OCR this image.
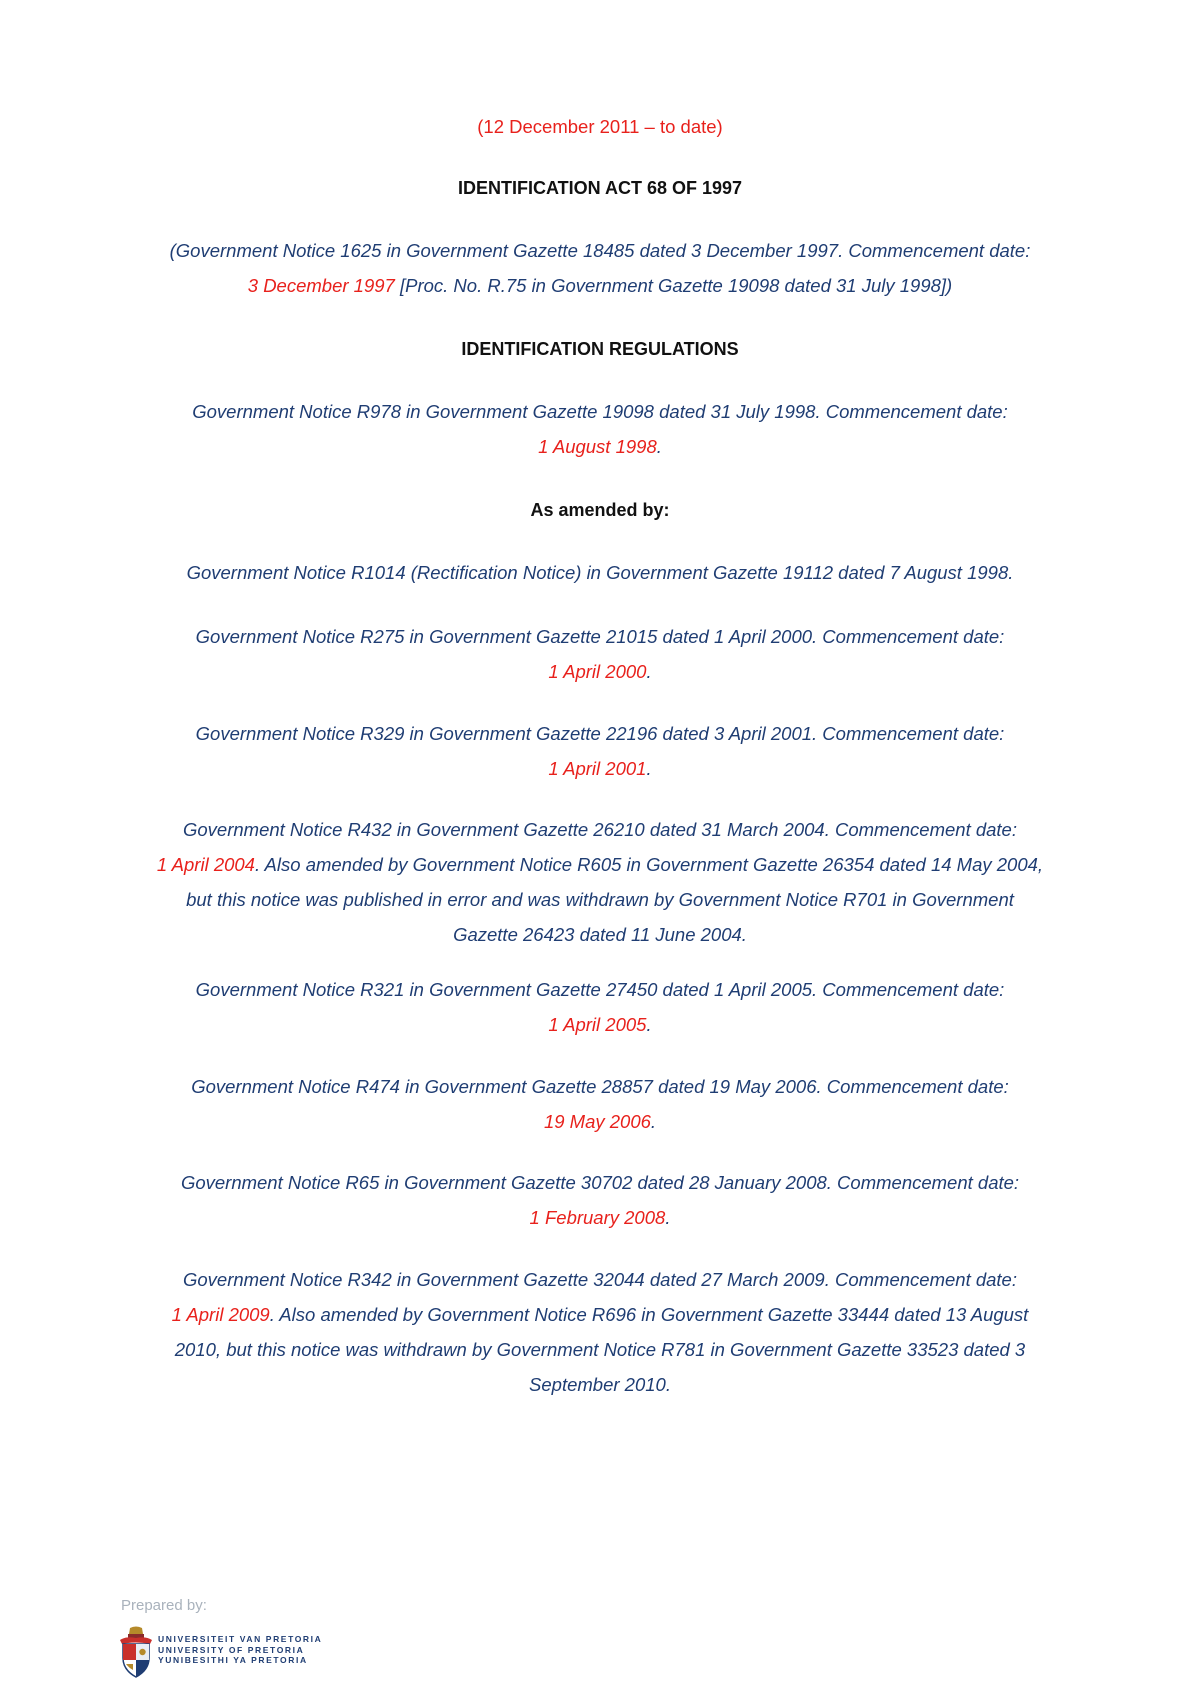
(12 December 2011 – to date)

IDENTIFICATION ACT 68 OF 1997

(Government Notice 1625 in Government Gazette 18485 dated 3 December 1997. Commencement date:
3 December 1997 [Proc. No. R.75 in Government Gazette 19098 dated 31 July 1998])

IDENTIFICATION REGULATIONS

Government Notice R978 in Government Gazette 19098 dated 31 July 1998. Commencement date:
1 August 1998.

As amended by:

Government Notice R1014 (Rectification Notice) in Government Gazette 19112 dated 7 August 1998.

Government Notice R275 in Government Gazette 21015 dated 1 April 2000. Commencement date:
1 April 2000.

Government Notice R329 in Government Gazette 22196 dated 3 April 2001. Commencement date:
1 April 2001.

Government Notice R432 in Government Gazette 26210 dated 31 March 2004. Commencement date:
1 April 2004. Also amended by Government Notice R605 in Government Gazette 26354 dated 14 May 2004,
but this notice was published in error and was withdrawn by Government Notice R701 in Government
Gazette 26423 dated 11 June 2004.

Government Notice R321 in Government Gazette 27450 dated 1 April 2005. Commencement date:
1 April 2005.

Government Notice R474 in Government Gazette 28857 dated 19 May 2006. Commencement date:
19 May 2006.

Government Notice R65 in Government Gazette 30702 dated 28 January 2008. Commencement date:
1 February 2008.

Government Notice R342 in Government Gazette 32044 dated 27 March 2009. Commencement date:
1 April 2009. Also amended by Government Notice R696 in Government Gazette 33444 dated 13 August
2010, but this notice was withdrawn by Government Notice R781 in Government Gazette 33523 dated 3
September 2010.

Prepared by:
UNIVERSITEIT VAN PRETORIA
UNIVERSITY OF PRETORIA
YUNIBESITHI YA PRETORIA
